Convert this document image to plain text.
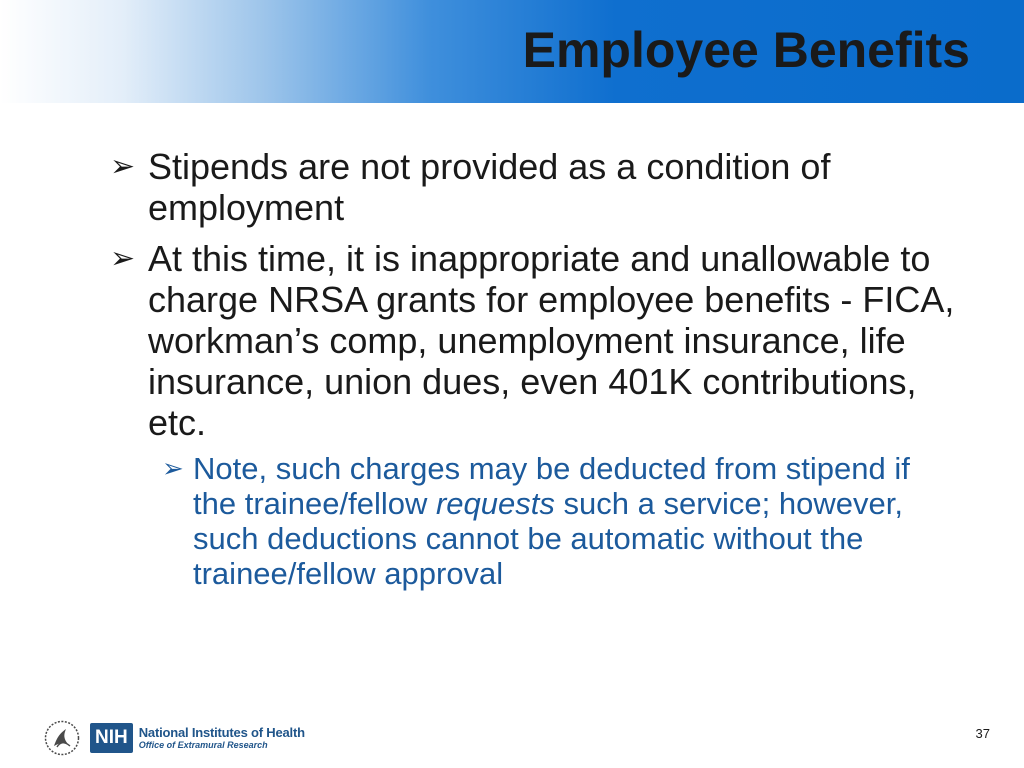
Employee Benefits
➢ Stipends are not provided as a condition of employment
➢ At this time, it is inappropriate and unallowable to charge NRSA grants for employee benefits - FICA, workman’s comp, unemployment insurance, life insurance, union dues, even 401K contributions, etc.
➢ Note, such charges may be deducted from stipend if the trainee/fellow requests such a service; however, such deductions cannot be automatic without the trainee/fellow approval
NIH National Institutes of Health
Office of Extramural Research
37
